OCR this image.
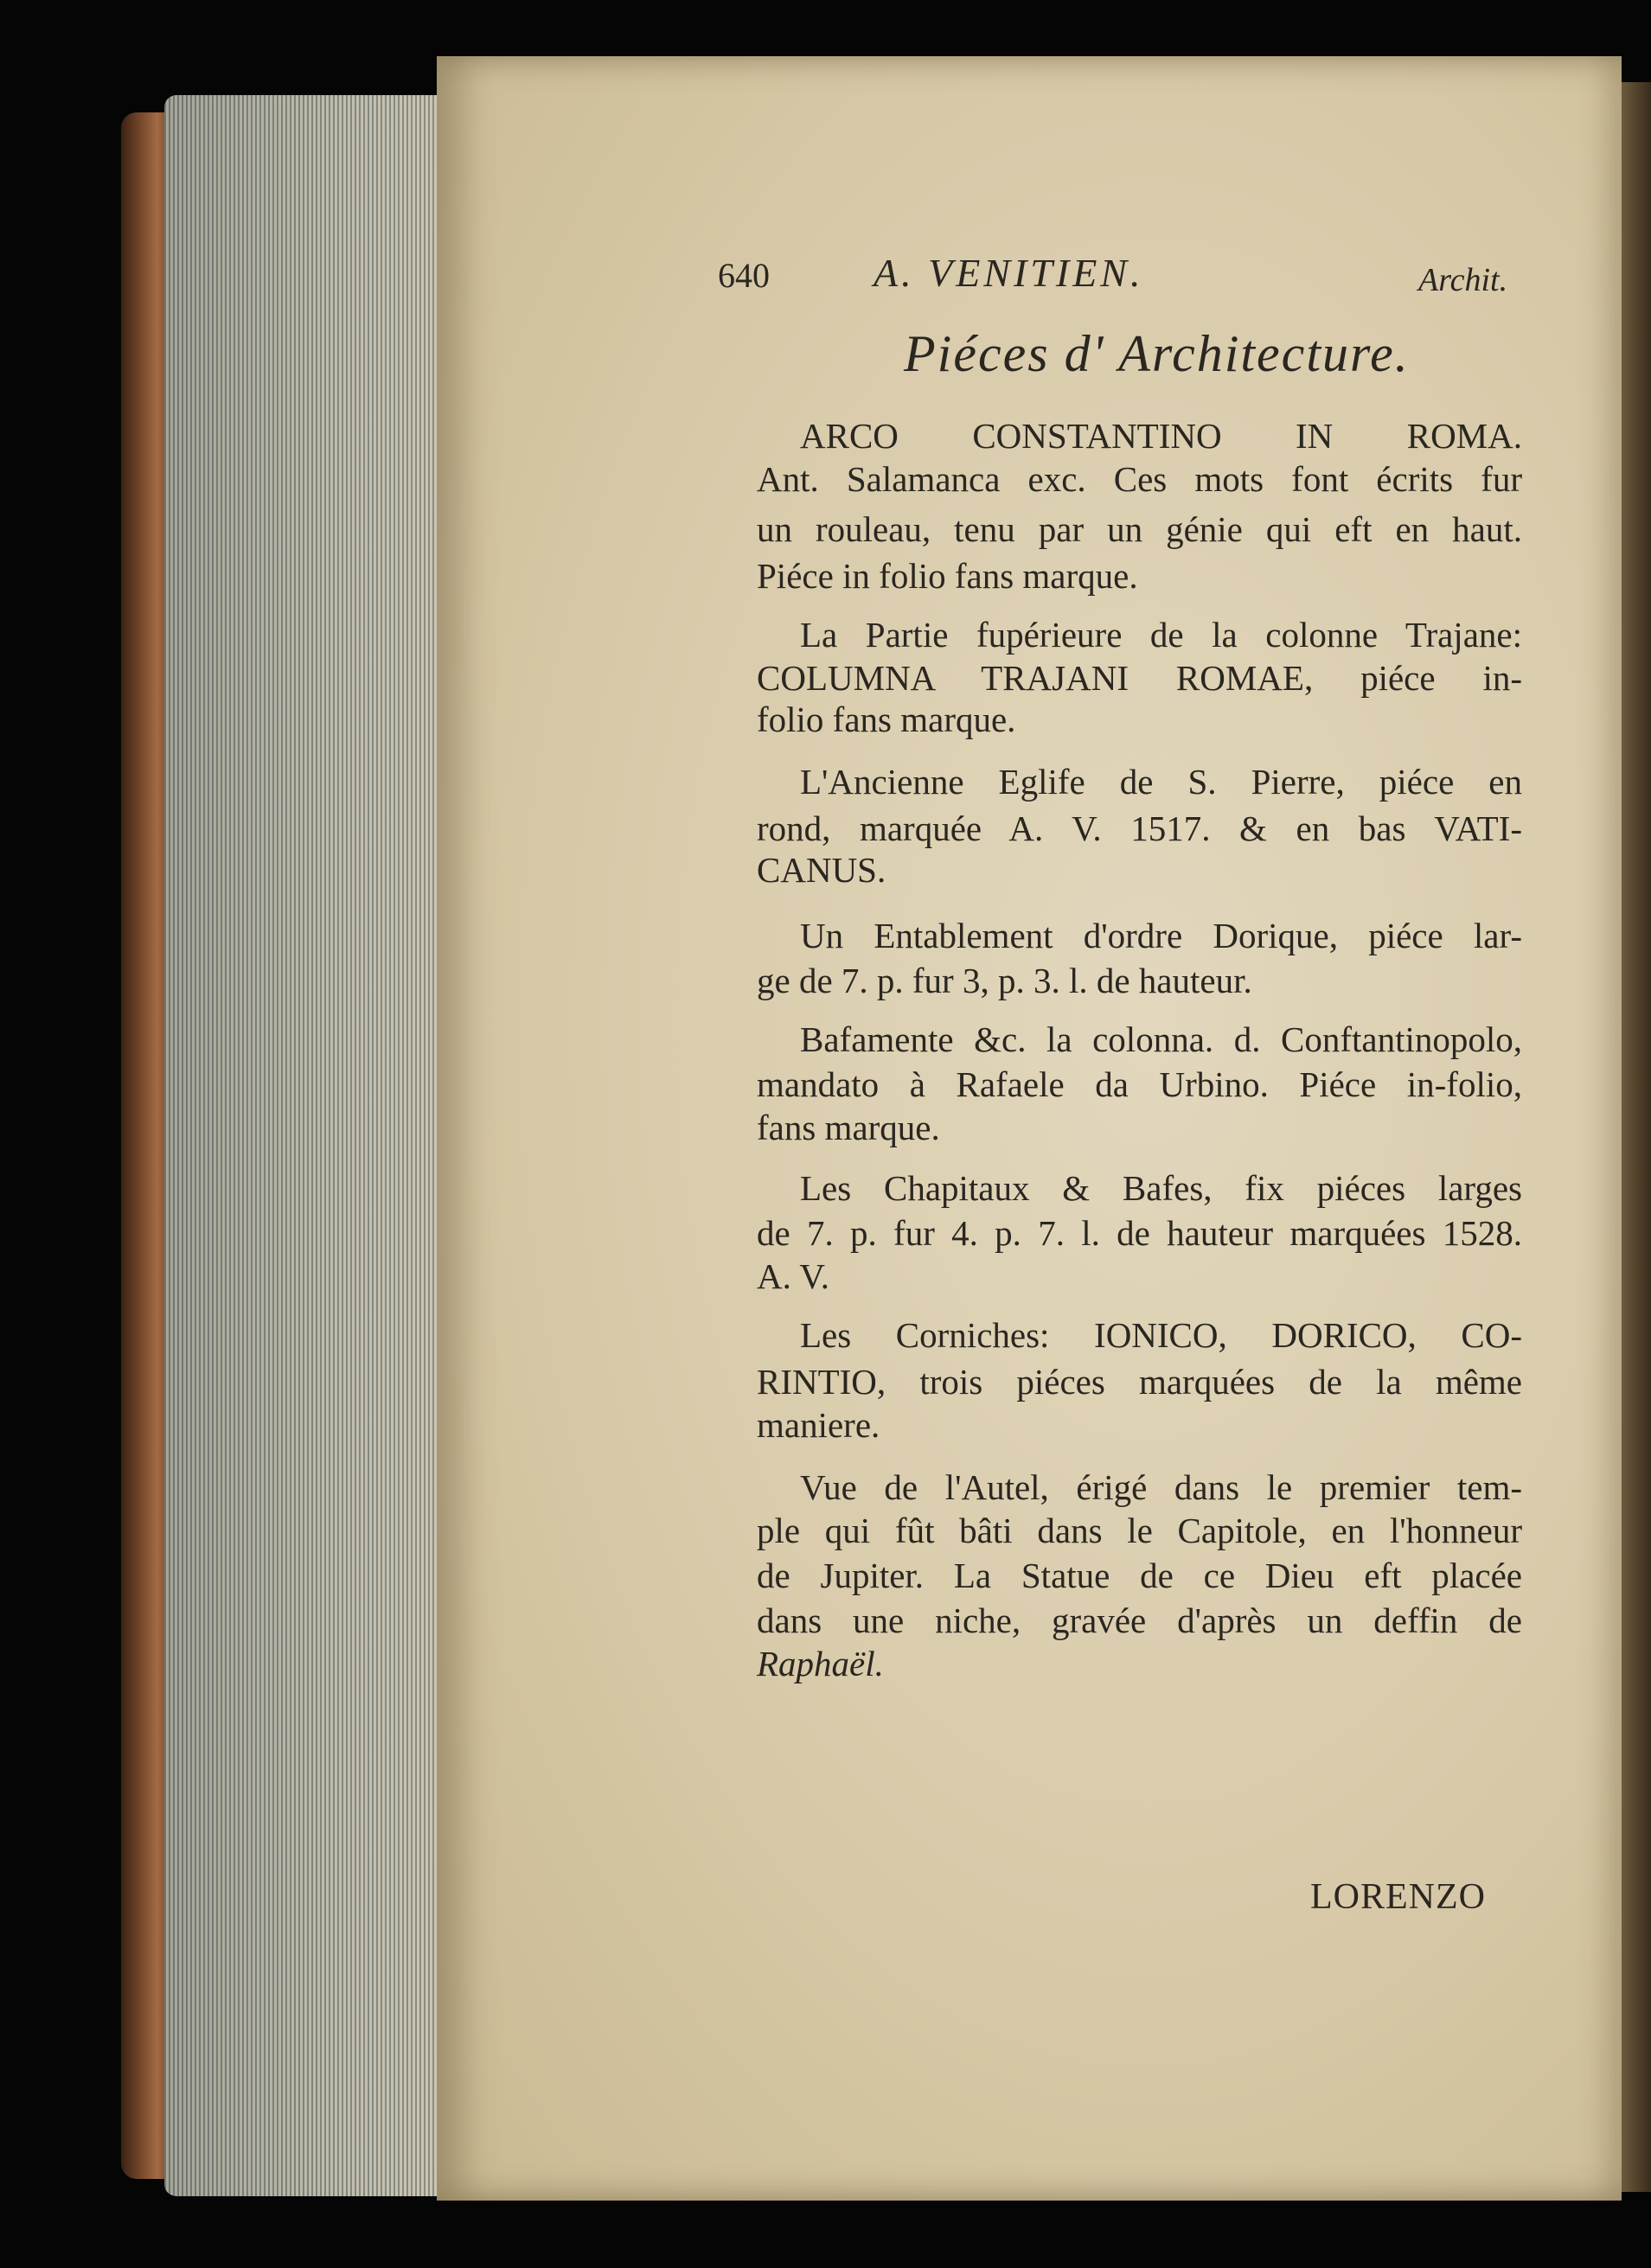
640	A. VENITIEN.	Archit.
Piéces d' Architecture.
ARCO CONSTANTINO IN ROMA.
Ant. Salamanca exc. Ces mots font écrits fur
un rouleau, tenu par un génie qui eft en haut.
Piéce in folio fans marque.
La Partie fupérieure de la colonne Trajane:
COLUMNA TRAJANI ROMAE, piéce in-
folio fans marque.
L'Ancienne Eglife de S. Pierre, piéce en
rond, marquée A. V. 1517. & en bas VATI-
CANUS.
Un Entablement d'ordre Dorique, piéce lar-
ge de 7. p. fur 3, p. 3. l. de hauteur.
Bafamente &c. la colonna. d. Conftantinopolo,
mandato à Rafaele da Urbino. Piéce in-folio,
fans marque.
Les Chapitaux & Bafes, fix piéces larges
de 7. p. fur 4. p. 7. l. de hauteur marquées 1528.
A. V.
Les Corniches: IONICO, DORICO, CO-
RINTIO, trois piéces marquées de la même
maniere.
Vue de l'Autel, érigé dans le premier tem-
ple qui fût bâti dans le Capitole, en l'honneur
de Jupiter. La Statue de ce Dieu eft placée
dans une niche, gravée d'après un deffin de
Raphaël.
LORENZO
